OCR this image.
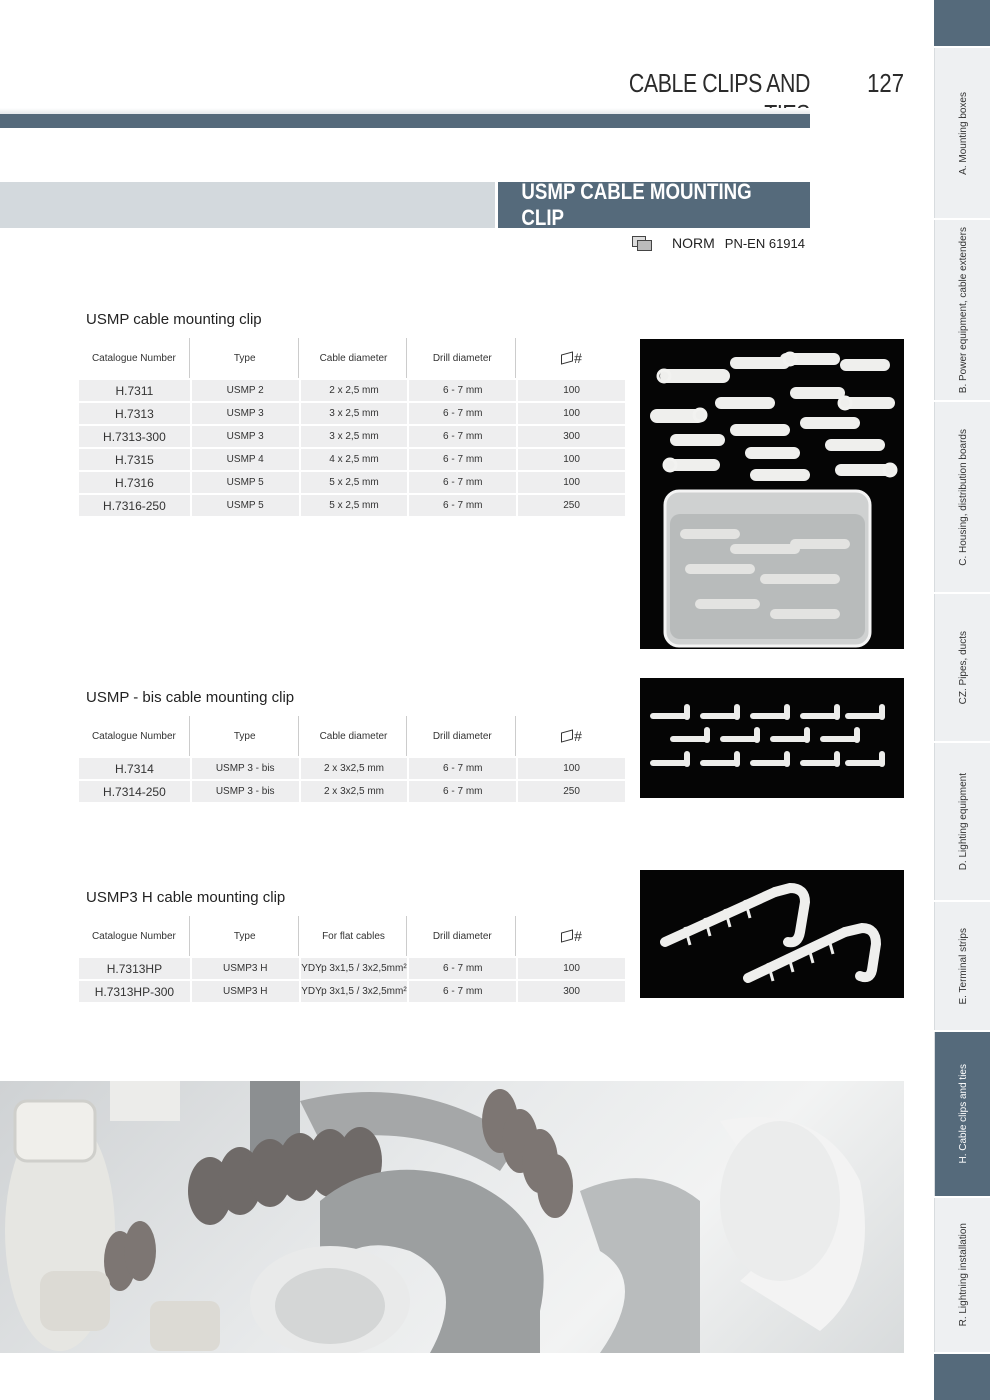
CABLE CLIPS AND 127
USMP CABLE MOUNTING CLIP
NORM PN-EN 61914
USMP cable mounting clip
Catalogue Number	Type	Cable diameter	Drill diameter	#

H.7311	USMP 2	2 x 2,5 mm	6 - 7 mm	100
H.7313	USMP 3	3 x 2,5 mm	6 - 7 mm	100
H.7313-300	USMP 3	3 x 2,5 mm	6 - 7 mm	300
H.7315	USMP 4	4 x 2,5 mm	6 - 7 mm	100
H.7316	USMP 5	5 x 2,5 mm	6 - 7 mm	100
H.7316-250	USMP 5	5 x 2,5 mm	6 - 7 mm	250
USMP - bis cable mounting clip
Catalogue Number	Type	Cable diameter	Drill diameter	#

H.7314	USMP 3 - bis	2 x 3x2,5 mm	6 - 7 mm	100
H.7314-250	USMP 3 - bis	2 x 3x2,5 mm	6 - 7 mm	250
USMP3 H cable mounting clip
Catalogue Number	Type	For flat cables	Drill diameter	#

H.7313HP	USMP3 H	YDYp 3x1,5 / 3x2,5mm²	6 - 7 mm	100
H.7313HP-300	USMP3 H	YDYp 3x1,5 / 3x2,5mm²	6 - 7 mm	300
A. Mounting boxes
B. Power equipment, cable extenders
C. Housing, distribution boards
CZ. Pipes, ducts
D. Lighting equipment
E. Terminal strips
H. Cable clips and ties
R. Lightning installation
